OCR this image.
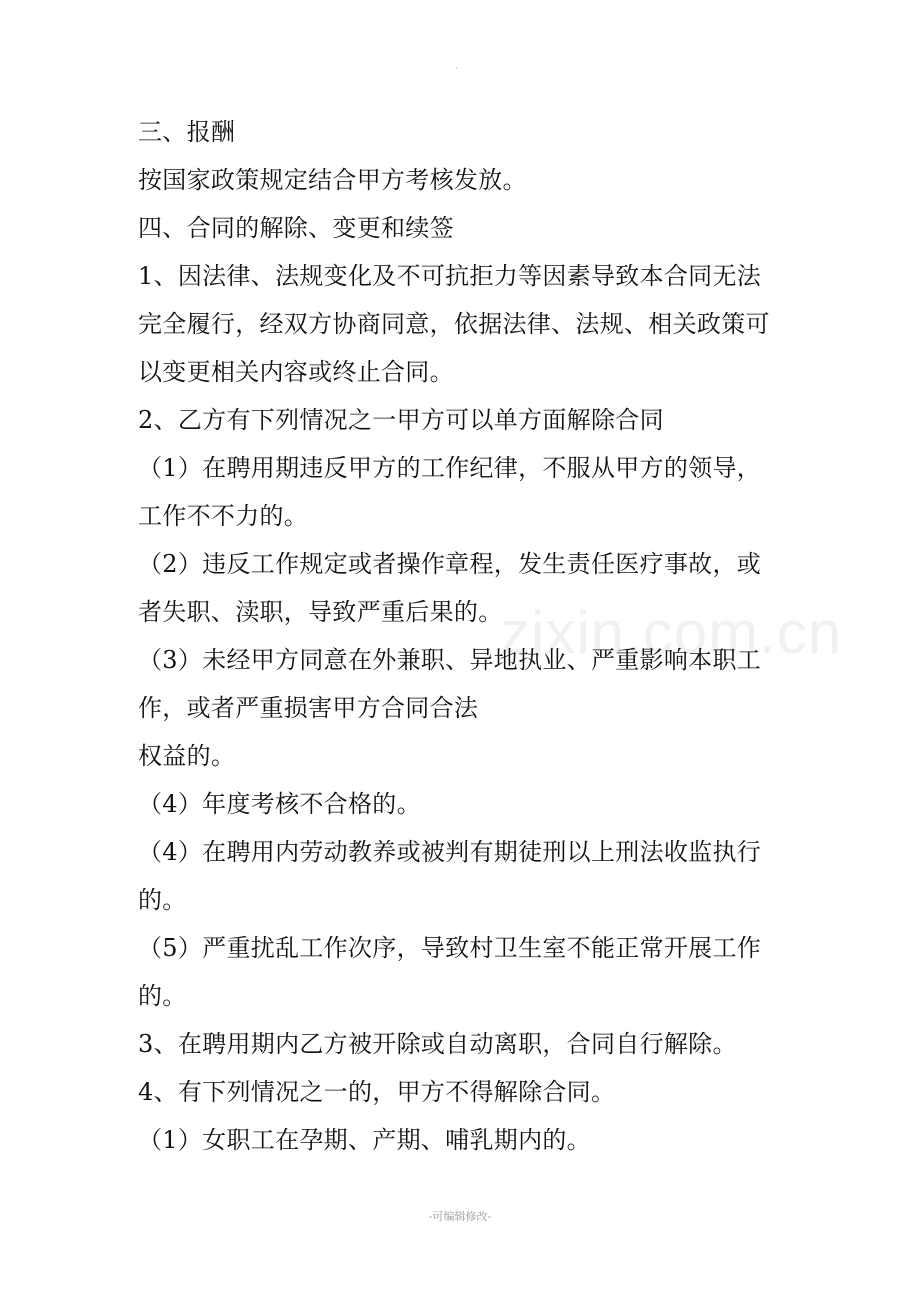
.
zixin.com.cn
三、报酬
按国家政策规定结合甲方考核发放。
四、合同的解除、变更和续签
1、因法律、法规变化及不可抗拒力等因素导致本合同无法
完全履行，经双方协商同意，依据法律、法规、相关政策可
以变更相关内容或终止合同。
2、乙方有下列情况之一甲方可以单方面解除合同
（1）在聘用期违反甲方的工作纪律，不服从甲方的领导，
工作不不力的。
（2）违反工作规定或者操作章程，发生责任医疗事故，或
者失职、渎职，导致严重后果的。
（3）未经甲方同意在外兼职、异地执业、严重影响本职工
作，或者严重损害甲方合同合法
权益的。
（4）年度考核不合格的。
（4）在聘用内劳动教养或被判有期徒刑以上刑法收监执行
的。
（5）严重扰乱工作次序，导致村卫生室不能正常开展工作
的。
3、在聘用期内乙方被开除或自动离职，合同自行解除。
4、有下列情况之一的，甲方不得解除合同。
（1）女职工在孕期、产期、哺乳期内的。
-可编辑修改-
